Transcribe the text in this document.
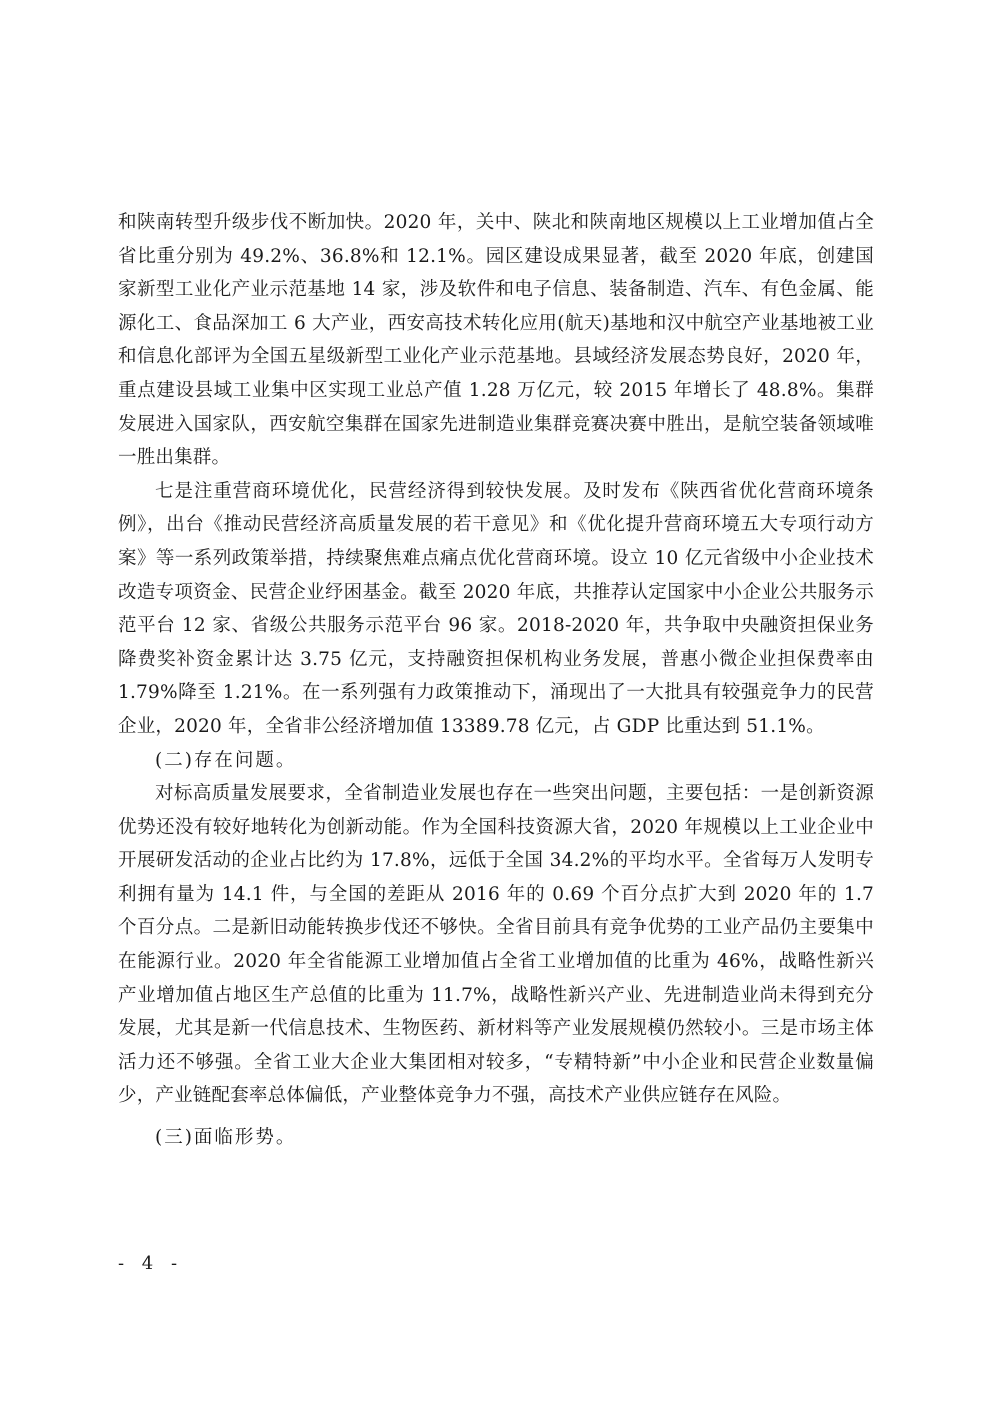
和陕南转型升级步伐不断加快。2020 年，关中、陕北和陕南地区规模以上工业增加值占全省比重分别为 49.2%、36.8%和 12.1%。园区建设成果显著，截至 2020 年底，创建国家新型工业化产业示范基地 14 家，涉及软件和电子信息、装备制造、汽车、有色金属、能源化工、食品深加工 6 大产业，西安高技术转化应用(航天)基地和汉中航空产业基地被工业和信息化部评为全国五星级新型工业化产业示范基地。县域经济发展态势良好，2020 年，重点建设县域工业集中区实现工业总产值 1.28 万亿元，较 2015 年增长了 48.8%。集群发展进入国家队，西安航空集群在国家先进制造业集群竞赛决赛中胜出，是航空装备领域唯一胜出集群。

七是注重营商环境优化，民营经济得到较快发展。及时发布《陕西省优化营商环境条例》，出台《推动民营经济高质量发展的若干意见》和《优化提升营商环境五大专项行动方案》等一系列政策举措，持续聚焦难点痛点优化营商环境。设立 10 亿元省级中小企业技术改造专项资金、民营企业纾困基金。截至 2020 年底，共推荐认定国家中小企业公共服务示范平台 12 家、省级公共服务示范平台 96 家。2018-2020 年，共争取中央融资担保业务降费奖补资金累计达 3.75 亿元，支持融资担保机构业务发展，普惠小微企业担保费率由 1.79%降至 1.21%。在一系列强有力政策推动下，涌现出了一大批具有较强竞争力的民营企业，2020 年，全省非公经济增加值 13389.78 亿元，占 GDP 比重达到 51.1%。

(二)存在问题。

对标高质量发展要求，全省制造业发展也存在一些突出问题，主要包括：一是创新资源优势还没有较好地转化为创新动能。作为全国科技资源大省，2020 年规模以上工业企业中开展研发活动的企业占比约为 17.8%，远低于全国 34.2%的平均水平。全省每万人发明专利拥有量为 14.1 件，与全国的差距从 2016 年的 0.69 个百分点扩大到 2020 年的 1.7 个百分点。二是新旧动能转换步伐还不够快。全省目前具有竞争优势的工业产品仍主要集中在能源行业。2020 年全省能源工业增加值占全省工业增加值的比重为 46%，战略性新兴产业增加值占地区生产总值的比重为 11.7%，战略性新兴产业、先进制造业尚未得到充分发展，尤其是新一代信息技术、生物医药、新材料等产业发展规模仍然较小。三是市场主体活力还不够强。全省工业大企业大集团相对较多，“专精特新”中小企业和民营企业数量偏少，产业链配套率总体偏低，产业整体竞争力不强，高技术产业供应链存在风险。

(三)面临形势。

- 4 -
